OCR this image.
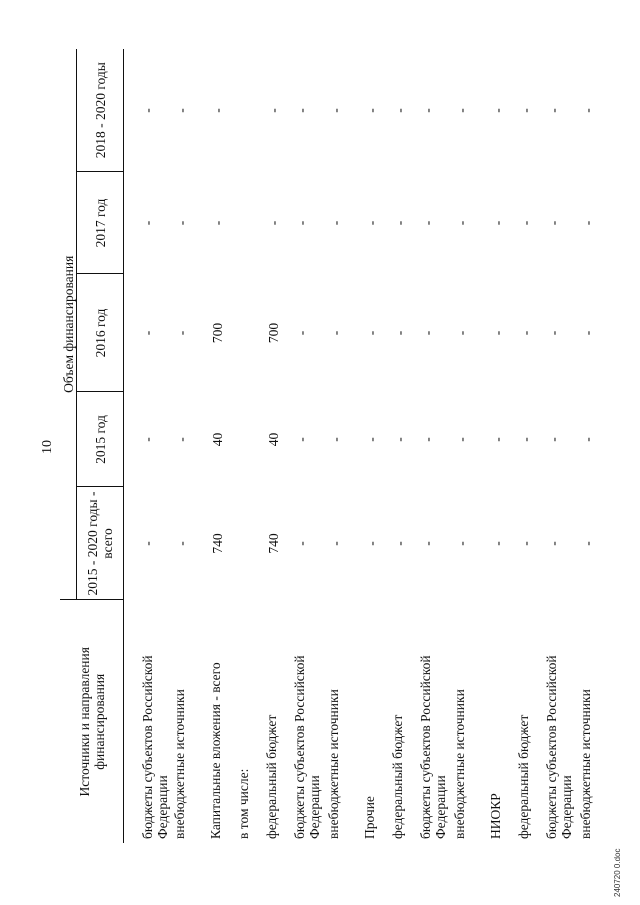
10
Источники и направления финансирования	Объем финансирования				
	2015 - 2020 годы - всего	2015 год	2016 год	2017 год	2018 - 2020 годы
бюджеты субъектов Российской Федерации	-	-	-	-	-
внебюджетные источники	-	-	-	-	-
Капитальные вложения - всего	740	40	700	-	-
в том числе:					
федеральный бюджет	740	40	700	-	-
бюджеты субъектов Российской Федерации	-	-	-	-	-
внебюджетные источники	-	-	-	-	-
Прочие	-	-	-	-	-
федеральный бюджет	-	-	-	-	-
бюджеты субъектов Российской Федерации	-	-	-	-	-
внебюджетные источники	-	-	-	-	-
НИОКР	-	-	-	-	-
федеральный бюджет	-	-	-	-	-
бюджеты субъектов Российской Федерации	-	-	-	-	-
внебюджетные источники	-	-	-	-	-
240720 0.doc
